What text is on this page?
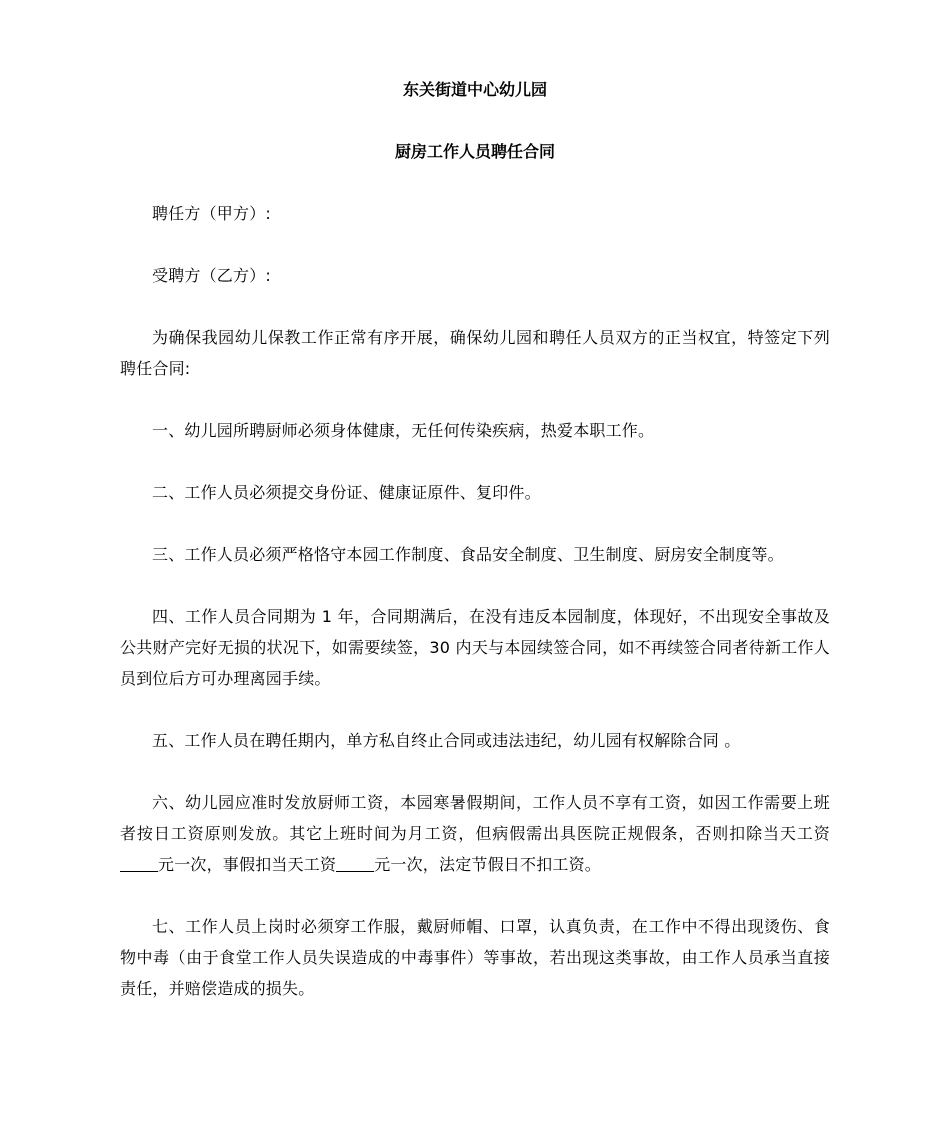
东关街道中心幼儿园

厨房工作人员聘任合同

聘任方（甲方）:

受聘方（乙方）:

为确保我园幼儿保教工作正常有序开展，确保幼儿园和聘任人员双方的正当权宜，特签定下列聘任合同:

一、幼儿园所聘厨师必须身体健康，无任何传染疾病，热爱本职工作。

二、工作人员必须提交身份证、健康证原件、复印件。

三、工作人员必须严格恪守本园工作制度、食品安全制度、卫生制度、厨房安全制度等。

四、工作人员合同期为 1 年，合同期满后，在没有违反本园制度，体现好，不出现安全事故及公共财产完好无损的状况下，如需要续签，30 内天与本园续签合同，如不再续签合同者待新工作人员到位后方可办理离园手续。

五、工作人员在聘任期内，单方私自终止合同或违法违纪，幼儿园有权解除合同 。

六、幼儿园应准时发放厨师工资，本园寒暑假期间，工作人员不享有工资，如因工作需要上班者按日工资原则发放。其它上班时间为月工资，但病假需出具医院正规假条，否则扣除当天工资元一次，事假扣当天工资 元一次，法定节假日不扣工资。

七、工作人员上岗时必须穿工作服，戴厨师帽、口罩，认真负责，在工作中不得出现烫伤、食物中毒（由于食堂工作人员失误造成的中毒事件）等事故，若出现这类事故，由工作人员承当直接责任，并赔偿造成的损失。
